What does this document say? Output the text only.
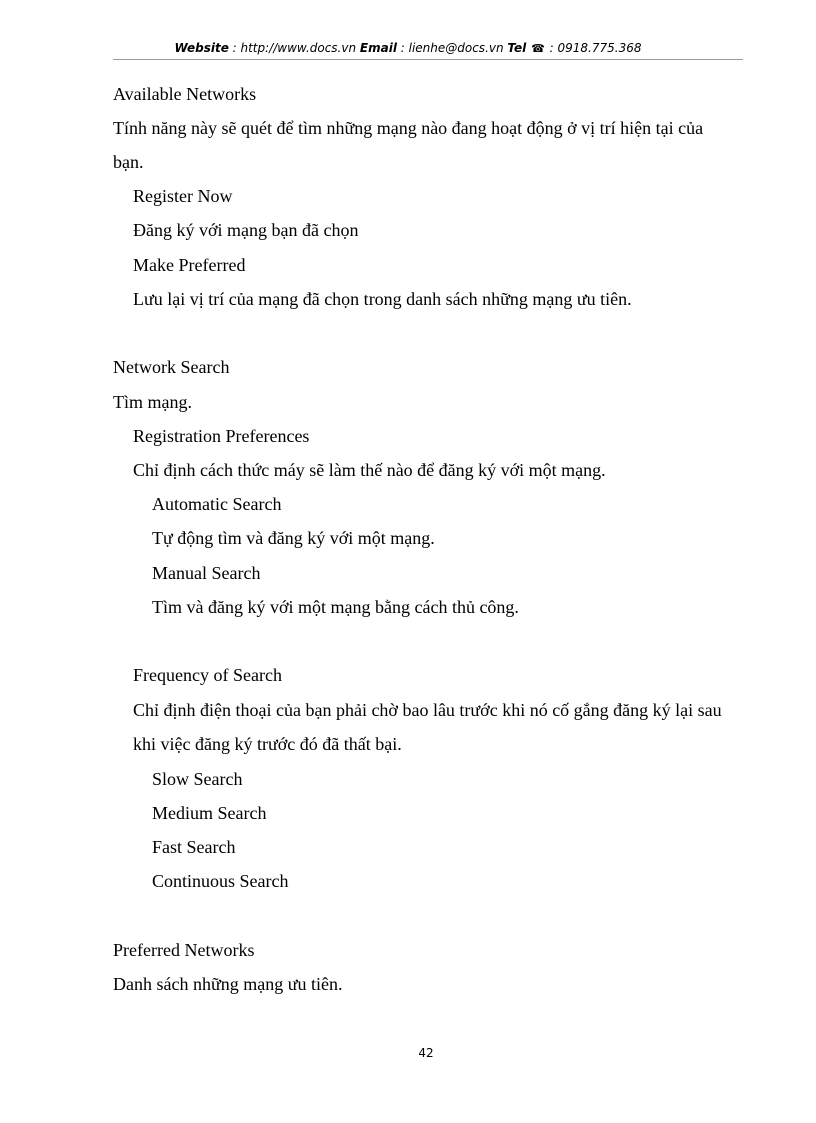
Website : http://www.docs.vn Email : lienhe@docs.vn Tel ☎ : 0918.775.368
Available Networks
Tính năng này sẽ quét để tìm những mạng nào đang hoạt động ở vị trí hiện tại của bạn.
Register Now
Đăng ký với mạng bạn đã chọn
Make Preferred
Lưu lại vị trí của mạng đã chọn trong danh sách những mạng ưu tiên.
Network Search
Tìm mạng.
Registration Preferences
Chỉ định cách thức máy sẽ làm thế nào để đăng ký với một mạng.
Automatic Search
Tự động tìm và đăng ký với một mạng.
Manual Search
Tìm và đăng ký với một mạng bằng cách thủ công.
Frequency of Search
Chỉ định điện thoại của bạn phải chờ bao lâu trước khi nó cố gắng đăng ký lại sau khi việc đăng ký trước đó đã thất bại.
Slow Search
Medium Search
Fast Search
Continuous Search
Preferred Networks
Danh sách những mạng ưu tiên.
42
